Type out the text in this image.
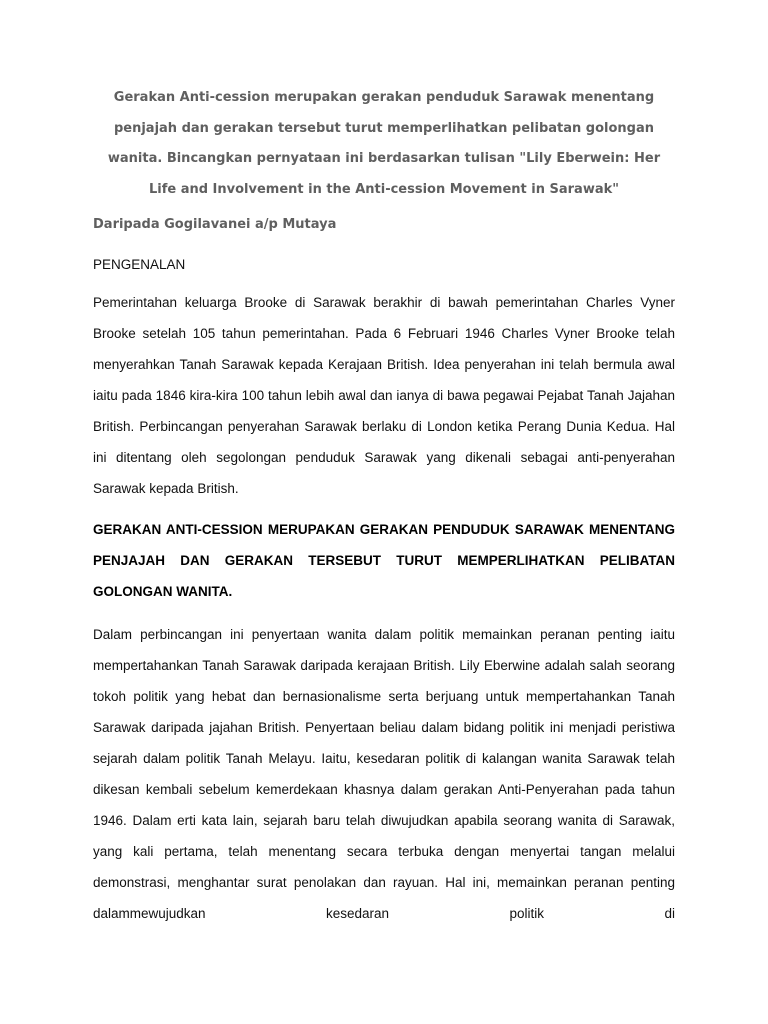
Gerakan Anti-cession merupakan gerakan penduduk Sarawak menentang penjajah dan gerakan tersebut turut memperlihatkan pelibatan golongan wanita. Bincangkan pernyataan ini berdasarkan tulisan "Lily Eberwein: Her Life and Involvement in the Anti-cession Movement in Sarawak"

Daripada Gogilavanei a/p Mutaya

PENGENALAN

Pemerintahan keluarga Brooke di Sarawak berakhir di bawah pemerintahan Charles Vyner Brooke setelah 105 tahun pemerintahan. Pada 6 Februari 1946 Charles Vyner Brooke telah menyerahkan Tanah Sarawak kepada Kerajaan British. Idea penyerahan ini telah bermula awal iaitu pada 1846 kira-kira 100 tahun lebih awal dan ianya di bawa pegawai Pejabat Tanah Jajahan British. Perbincangan penyerahan Sarawak berlaku di London ketika Perang Dunia Kedua. Hal ini ditentang oleh segolongan penduduk Sarawak yang dikenali sebagai anti-penyerahan Sarawak kepada British.

GERAKAN ANTI-CESSION MERUPAKAN GERAKAN PENDUDUK SARAWAK MENENTANG PENJAJAH DAN GERAKAN TERSEBUT TURUT MEMPERLIHATKAN PELIBATAN GOLONGAN WANITA.

Dalam perbincangan ini penyertaan wanita dalam politik memainkan peranan penting iaitu mempertahankan Tanah Sarawak daripada kerajaan British. Lily Eberwine adalah salah seorang tokoh politik yang hebat dan bernasionalisme serta berjuang untuk mempertahankan Tanah Sarawak daripada jajahan British. Penyertaan beliau dalam bidang politik ini menjadi peristiwa sejarah dalam politik Tanah Melayu. Iaitu, kesedaran politik di kalangan wanita Sarawak telah dikesan kembali sebelum kemerdekaan khasnya dalam gerakan Anti-Penyerahan pada tahun 1946. Dalam erti kata lain, sejarah baru telah diwujudkan apabila seorang wanita di Sarawak, yang kali pertama, telah menentang secara terbuka dengan menyertai tangan melalui demonstrasi, menghantar surat penolakan dan rayuan. Hal ini, memainkan peranan penting dalammewujudkan kesedaran politik di
